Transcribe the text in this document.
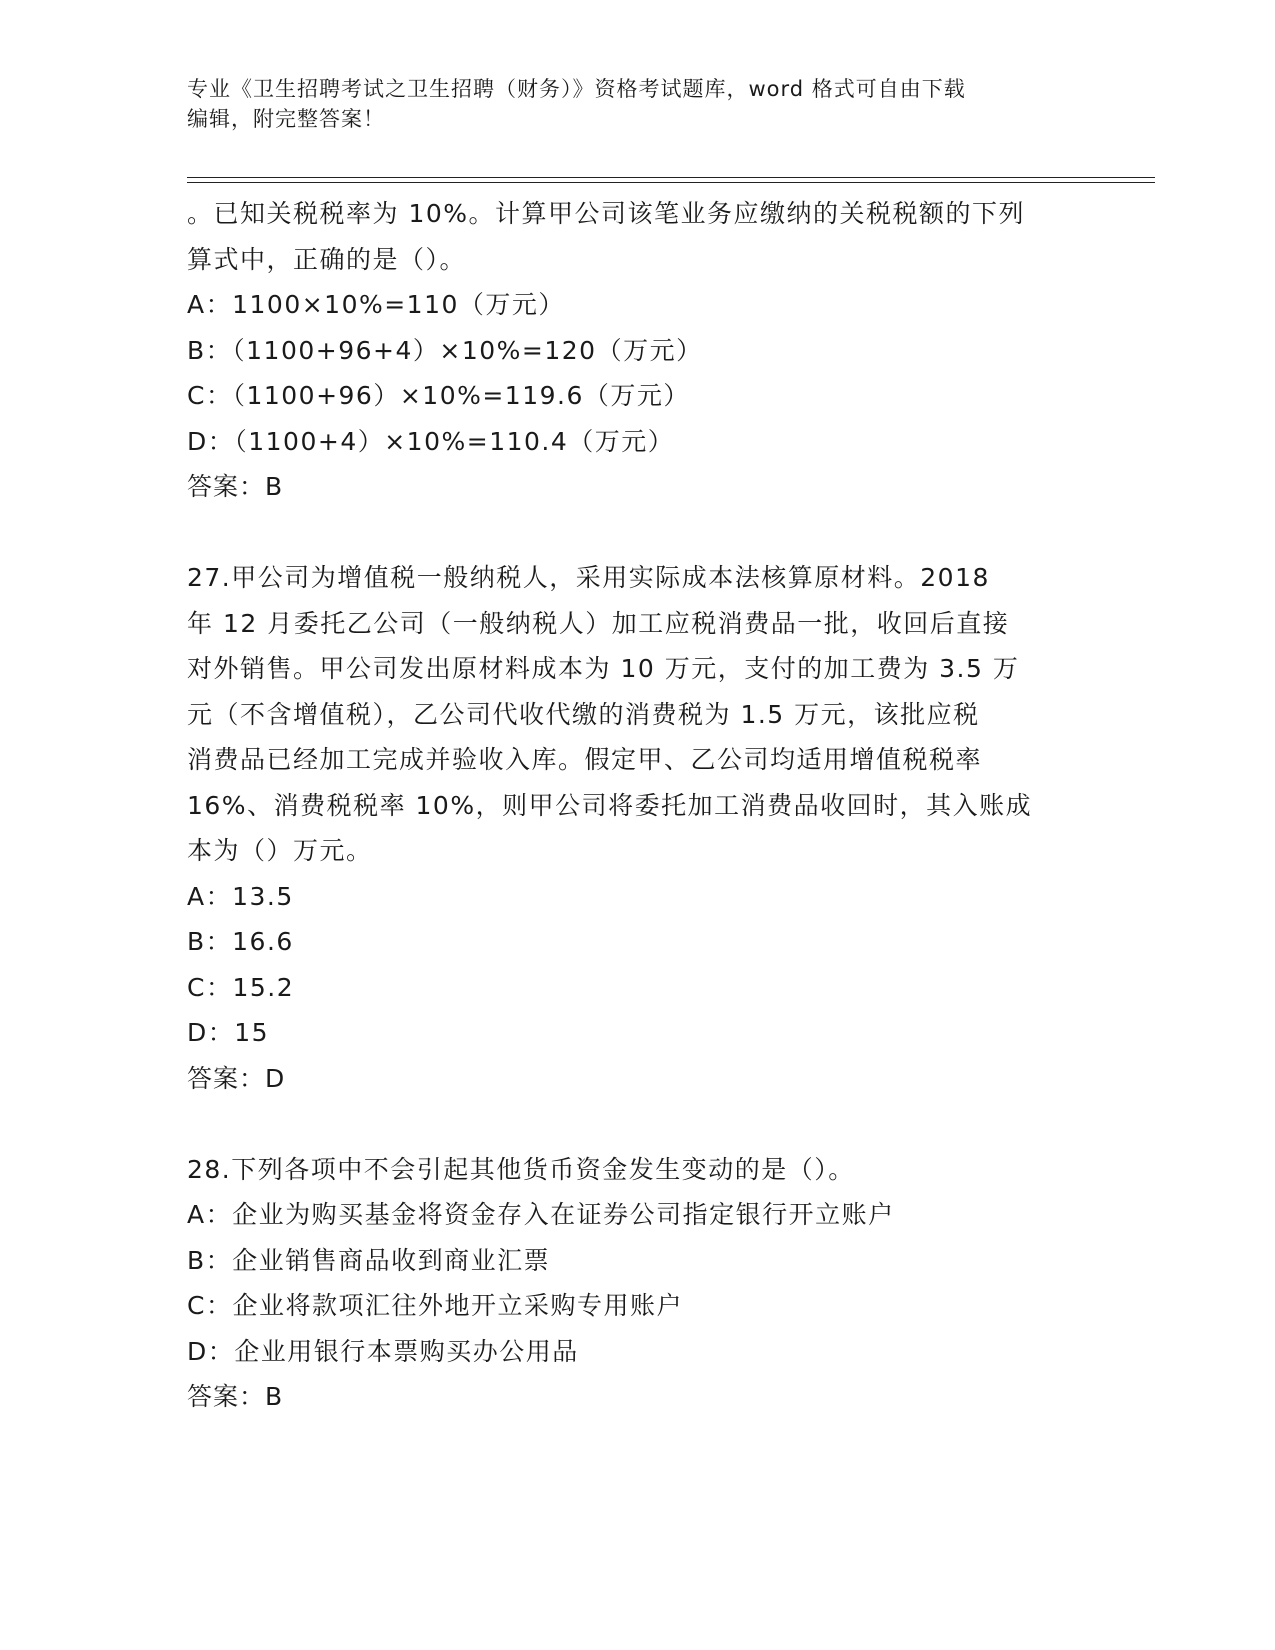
专业《卫生招聘考试之卫生招聘（财务）》资格考试题库，word 格式可自由下载
编辑，附完整答案！
。已知关税税率为 10%。计算甲公司该笔业务应缴纳的关税税额的下列
算式中，正确的是（）。
A：1100×10%=110（万元）
B：（1100+96+4）×10%=120（万元）
C：（1100+96）×10%=119.6（万元）
D：（1100+4）×10%=110.4（万元）
答案：B
27.甲公司为增值税一般纳税人，采用实际成本法核算原材料。2018
年 12 月委托乙公司（一般纳税人）加工应税消费品一批，收回后直接
对外销售。甲公司发出原材料成本为 10 万元，支付的加工费为 3.5 万
元（不含增值税），乙公司代收代缴的消费税为 1.5 万元，该批应税
消费品已经加工完成并验收入库。假定甲、乙公司均适用增值税税率
16%、消费税税率 10%，则甲公司将委托加工消费品收回时，其入账成
本为（）万元。
A：13.5
B：16.6
C：15.2
D：15
答案：D
28.下列各项中不会引起其他货币资金发生变动的是（）。
A：企业为购买基金将资金存入在证券公司指定银行开立账户
B：企业销售商品收到商业汇票
C：企业将款项汇往外地开立采购专用账户
D：企业用银行本票购买办公用品
答案：B
